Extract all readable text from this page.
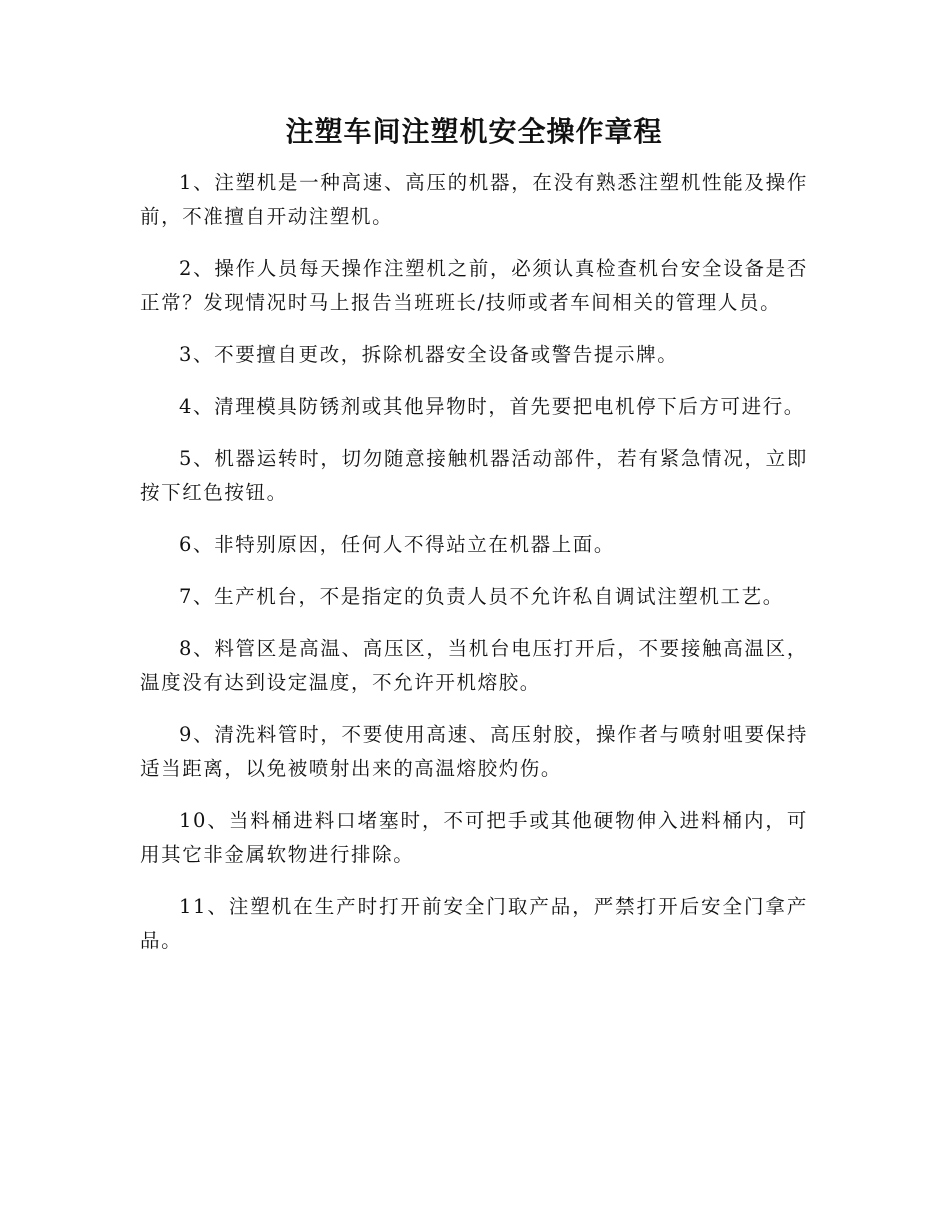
注塑车间注塑机安全操作章程

1、注塑机是一种高速、高压的机器，在没有熟悉注塑机性能及操作前，不准擅自开动注塑机。

2、操作人员每天操作注塑机之前，必须认真检查机台安全设备是否正常？发现情况时马上报告当班班长/技师或者车间相关的管理人员。

3、不要擅自更改，拆除机器安全设备或警告提示牌。

4、清理模具防锈剂或其他异物时，首先要把电机停下后方可进行。

5、机器运转时，切勿随意接触机器活动部件，若有紧急情况，立即按下红色按钮。

6、非特别原因，任何人不得站立在机器上面。

7、生产机台，不是指定的负责人员不允许私自调试注塑机工艺。

8、料管区是高温、高压区，当机台电压打开后，不要接触高温区，温度没有达到设定温度，不允许开机熔胶。

9、清洗料管时，不要使用高速、高压射胶，操作者与喷射咀要保持适当距离，以免被喷射出来的高温熔胶灼伤。

10、当料桶进料口堵塞时，不可把手或其他硬物伸入进料桶内，可用其它非金属软物进行排除。

11、注塑机在生产时打开前安全门取产品，严禁打开后安全门拿产品。
